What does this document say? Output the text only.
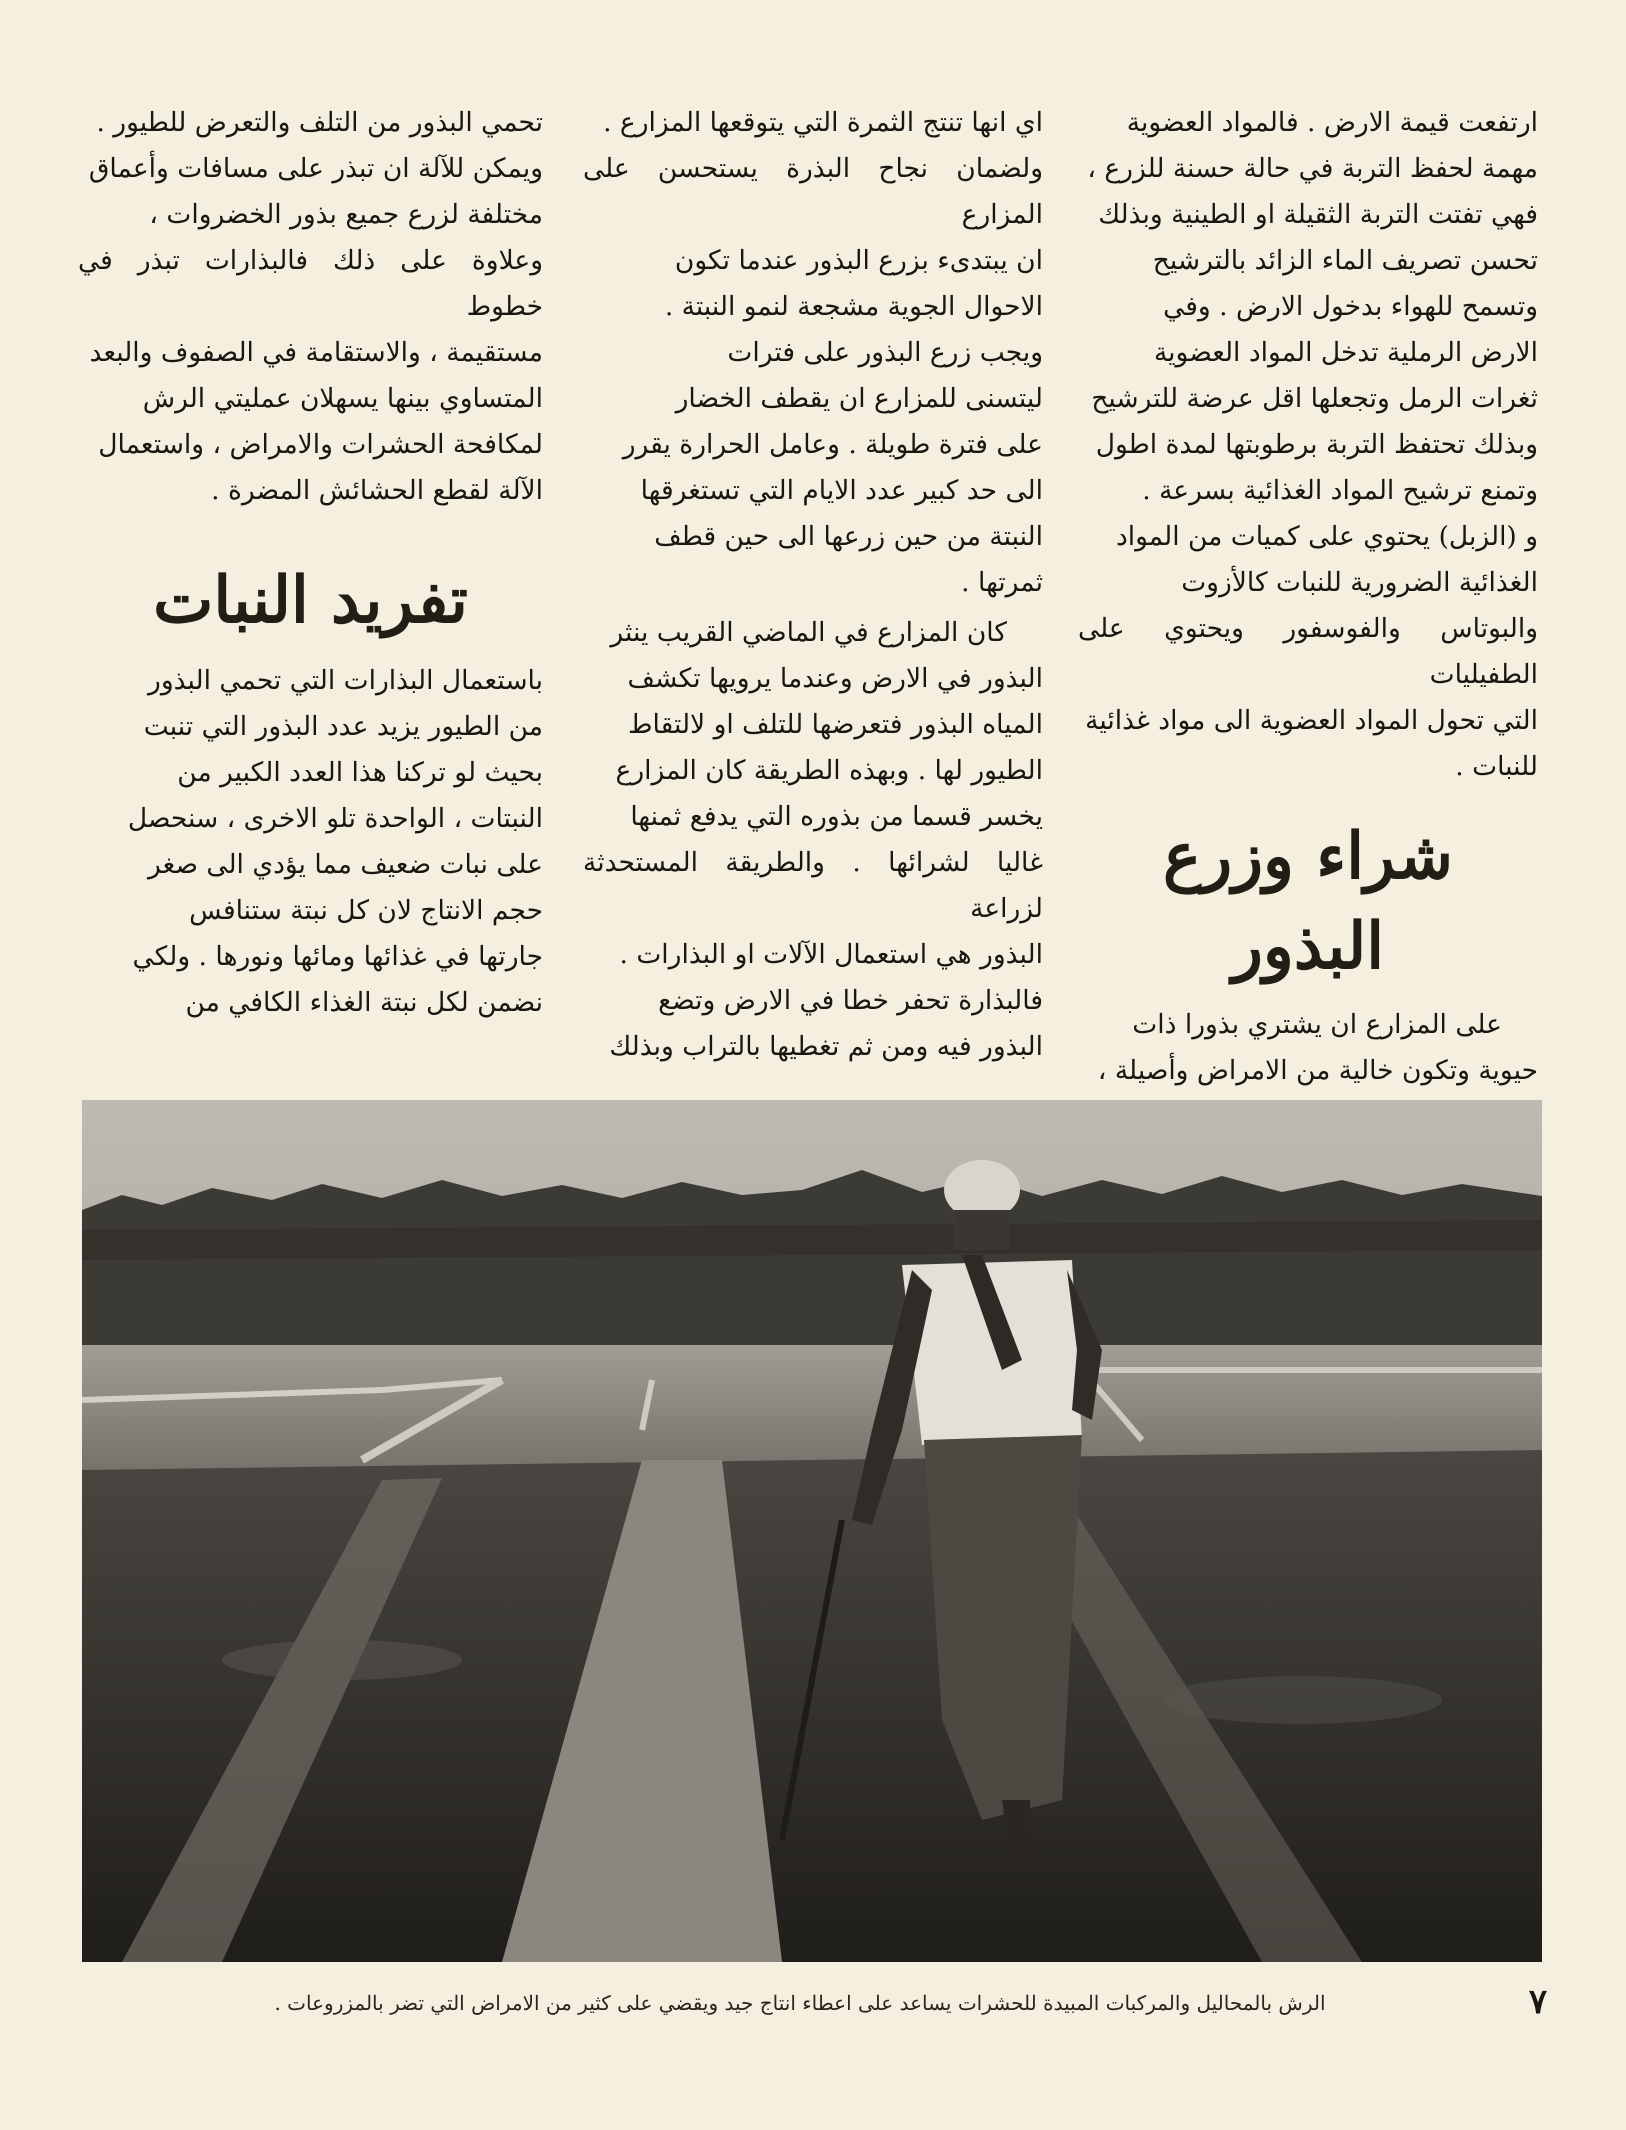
ارتفعت قيمة الارض . فالمواد العضوية
مهمة لحفظ التربة في حالة حسنة للزرع ،
فهي تفتت التربة الثقيلة او الطينية وبذلك
تحسن تصريف الماء الزائد بالترشيح
وتسمح للهواء بدخول الارض . وفي
الارض الرملية تدخل المواد العضوية
ثغرات الرمل وتجعلها اقل عرضة للترشيح
وبذلك تحتفظ التربة برطوبتها لمدة اطول
وتمنع ترشيح المواد الغذائية بسرعة .
و (الزبل) يحتوي على كميات من المواد
الغذائية الضرورية للنبات كالأزوت
والبوتاس والفوسفور ويحتوي على الطفيليات
التي تحول المواد العضوية الى مواد غذائية
للنبات .

شراء وزرع البذور

على المزارع ان يشتري بذورا ذات
حيوية وتكون خالية من الامراض وأصيلة ،

اي انها تنتج الثمرة التي يتوقعها المزارع .
ولضمان نجاح البذرة يستحسن على المزارع
ان يبتدىء بزرع البذور عندما تكون
الاحوال الجوية مشجعة لنمو النبتة .
ويجب زرع البذور على فترات
ليتسنى للمزارع ان يقطف الخضار
على فترة طويلة . وعامل الحرارة يقرر
الى حد كبير عدد الايام التي تستغرقها
النبتة من حين زرعها الى حين قطف
ثمرتها .

كان المزارع في الماضي القريب ينثر
البذور في الارض وعندما يرويها تكشف
المياه البذور فتعرضها للتلف او لالتقاط
الطيور لها . وبهذه الطريقة كان المزارع
يخسر قسما من بذوره التي يدفع ثمنها
غاليا لشرائها . والطريقة المستحدثة لزراعة
البذور هي استعمال الآلات او البذارات .
فالبذارة تحفر خطا في الارض وتضع
البذور فيه ومن ثم تغطيها بالتراب وبذلك

تحمي البذور من التلف والتعرض للطيور .
ويمكن للآلة ان تبذر على مسافات وأعماق
مختلفة لزرع جميع بذور الخضروات ،
وعلاوة على ذلك فالبذارات تبذر في خطوط
مستقيمة ، والاستقامة في الصفوف والبعد
المتساوي بينها يسهلان عمليتي الرش
لمكافحة الحشرات والامراض ، واستعمال
الآلة لقطع الحشائش المضرة .

تفريد النبات

باستعمال البذارات التي تحمي البذور
من الطيور يزيد عدد البذور التي تنبت
بحيث لو تركنا هذا العدد الكبير من
النبتات ، الواحدة تلو الاخرى ، سنحصل
على نبات ضعيف مما يؤدي الى صغر
حجم الانتاج لان كل نبتة ستنافس
جارتها في غذائها ومائها ونورها . ولكي
نضمن لكل نبتة الغذاء الكافي من

الرش بالمحاليل والمركبات المبيدة للحشرات يساعد على اعطاء انتاج جيد ويقضي على كثير من الامراض التي تضر بالمزروعات .	٧
